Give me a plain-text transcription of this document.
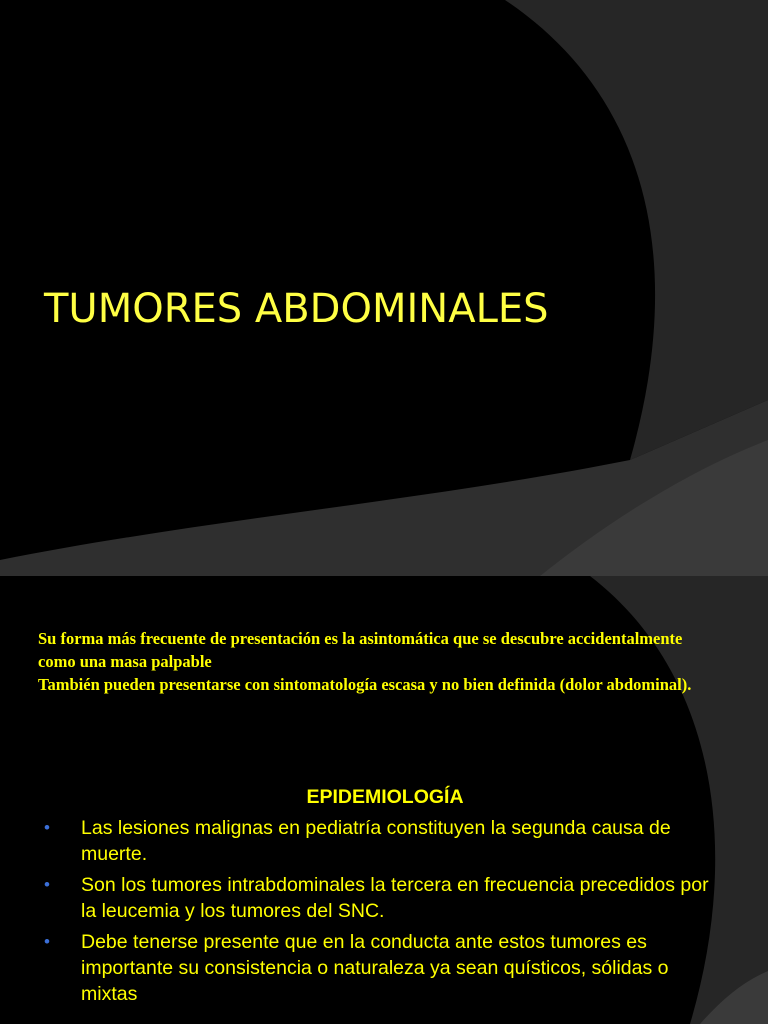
TUMORES ABDOMINALES

Su forma más frecuente de presentación es la asintomática que se descubre accidentalmente como una masa palpable
También pueden presentarse con sintomatología escasa y no bien definida (dolor abdominal).

EPIDEMIOLOGÍA
• Las lesiones malignas en pediatría constituyen la segunda causa de muerte.
• Son los tumores intrabdominales la tercera en frecuencia precedidos por la leucemia y los tumores del SNC.
• Debe tenerse presente que en la conducta ante estos tumores es importante su consistencia o naturaleza ya sean quísticos, sólidas o mixtas
